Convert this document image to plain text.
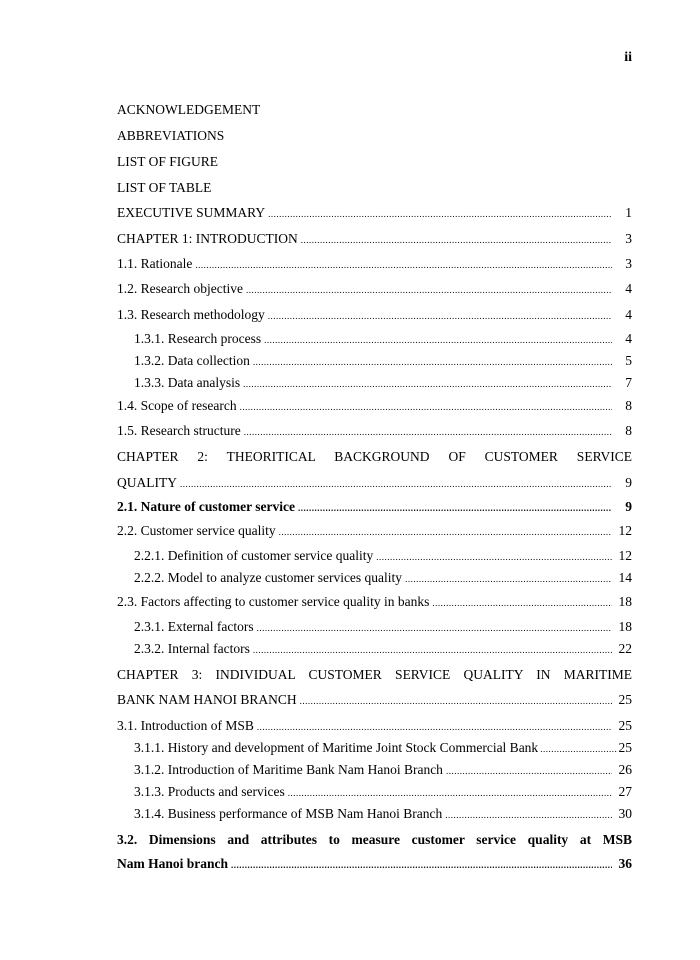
ii
ACKNOWLEDGEMENT
ABBREVIATIONS
LIST OF FIGURE
LIST OF TABLE
EXECUTIVE SUMMARY .....	1
CHAPTER 1: INTRODUCTION .....	3
1.1. Rationale .....	3
1.2. Research objective .....	4
1.3. Research methodology .....	4
1.3.1. Research process .....	4
1.3.2. Data collection .....	5
1.3.3. Data analysis .....	7
1.4. Scope of research .....	8
1.5. Research structure .....	8
CHAPTER 2: THEORITICAL BACKGROUND OF CUSTOMER SERVICE
QUALITY .....	9
2.1. Nature of customer service .....	9
2.2. Customer service quality .....	12
2.2.1. Definition of customer service quality .....	12
2.2.2. Model to analyze customer services quality .....	14
2.3. Factors affecting to customer service quality in banks .....	18
2.3.1. External factors .....	18
2.3.2. Internal factors .....	22
CHAPTER 3: INDIVIDUAL CUSTOMER SERVICE QUALITY IN MARITIME
BANK NAM HANOI BRANCH .....	25
3.1. Introduction of MSB .....	25
3.1.1. History and development of Maritime Joint Stock Commercial Bank .....	25
3.1.2. Introduction of Maritime Bank Nam Hanoi Branch .....	26
3.1.3. Products and services .....	27
3.1.4. Business performance of MSB Nam Hanoi Branch .....	30
3.2. Dimensions and attributes to measure customer service quality at MSB
Nam Hanoi branch .....	36
